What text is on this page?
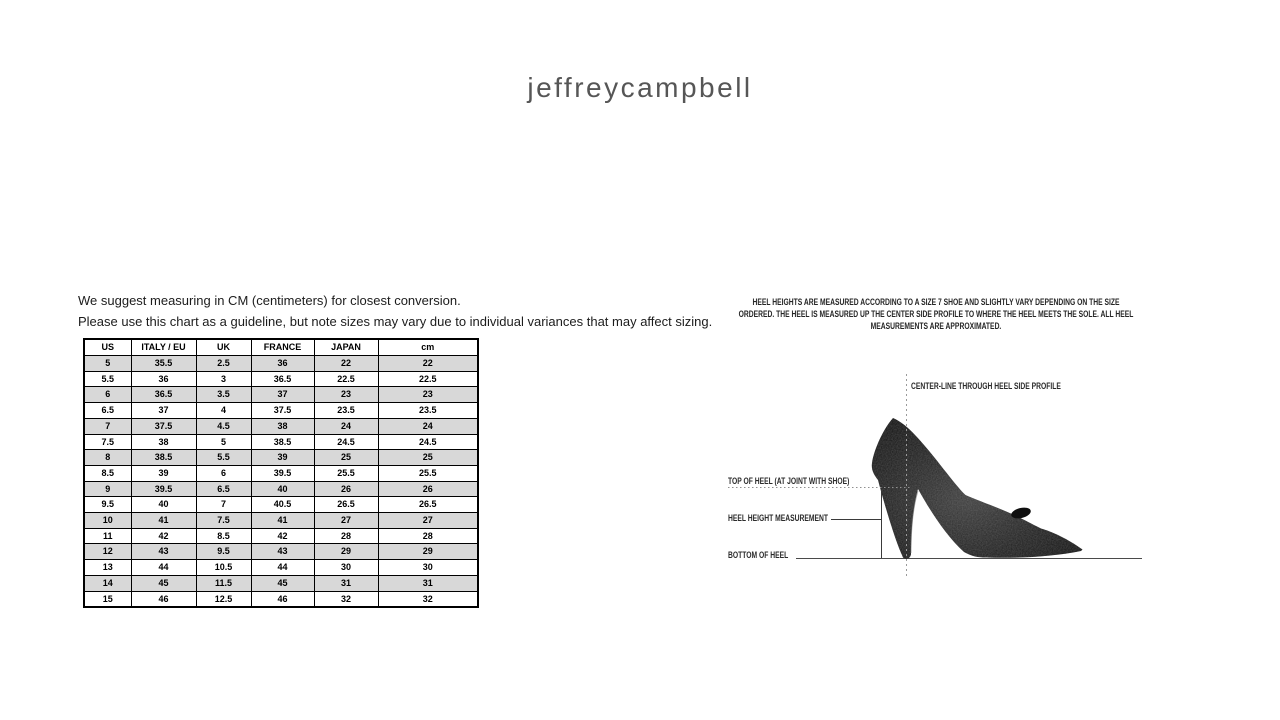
jeffreycampbell
We suggest measuring in CM (centimeters) for closest conversion.
Please use this chart as a guideline, but note sizes may vary due to individual variances that may affect sizing.
US	ITALY / EU	UK	FRANCE	JAPAN	cm
5	35.5	2.5	36	22	22
5.5	36	3	36.5	22.5	22.5
6	36.5	3.5	37	23	23
6.5	37	4	37.5	23.5	23.5
7	37.5	4.5	38	24	24
7.5	38	5	38.5	24.5	24.5
8	38.5	5.5	39	25	25
8.5	39	6	39.5	25.5	25.5
9	39.5	6.5	40	26	26
9.5	40	7	40.5	26.5	26.5
10	41	7.5	41	27	27
11	42	8.5	42	28	28
12	43	9.5	43	29	29
13	44	10.5	44	30	30
14	45	11.5	45	31	31
15	46	12.5	46	32	32
HEEL HEIGHTS ARE MEASURED ACCORDING TO A SIZE 7 SHOE AND SLIGHTLY VARY DEPENDING ON THE SIZE
ORDERED. THE HEEL IS MEASURED UP THE CENTER SIDE PROFILE TO WHERE THE HEEL MEETS THE SOLE. ALL HEEL
MEASUREMENTS ARE APPROXIMATED.
CENTER-LINE THROUGH HEEL SIDE PROFILE
TOP OF HEEL (AT JOINT WITH SHOE)
HEEL HEIGHT MEASUREMENT
BOTTOM OF HEEL
